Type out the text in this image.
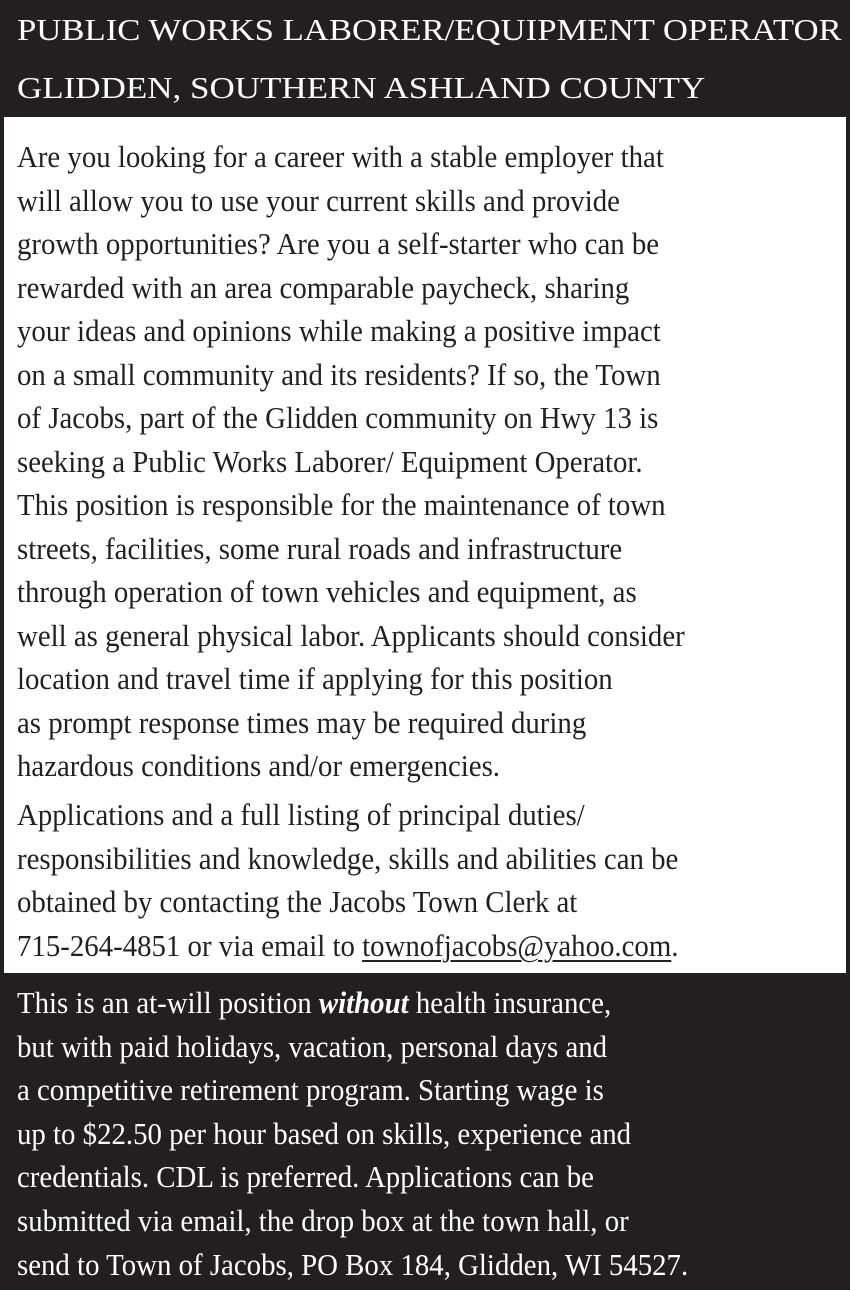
PUBLIC WORKS LABORER/EQUIPMENT OPERATOR
GLIDDEN, SOUTHERN ASHLAND COUNTY
Are you looking for a career with a stable employer that
will allow you to use your current skills and provide
growth opportunities? Are you a self-starter who can be
rewarded with an area comparable paycheck, sharing
your ideas and opinions while making a positive impact
on a small community and its residents? If so, the Town
of Jacobs, part of the Glidden community on Hwy 13 is
seeking a Public Works Laborer/ Equipment Operator.
This position is responsible for the maintenance of town
streets, facilities, some rural roads and infrastructure
through operation of town vehicles and equipment, as
well as general physical labor. Applicants should consider
location and travel time if applying for this position
as prompt response times may be required during
hazardous conditions and/or emergencies.
Applications and a full listing of principal duties/
responsibilities and knowledge, skills and abilities can be
obtained by contacting the Jacobs Town Clerk at
715-264-4851 or via email to townofjacobs@yahoo.com.
This is an at-will position without health insurance,
but with paid holidays, vacation, personal days and
a competitive retirement program. Starting wage is
up to $22.50 per hour based on skills, experience and
credentials. CDL is preferred. Applications can be
submitted via email, the drop box at the town hall, or
send to Town of Jacobs, PO Box 184, Glidden, WI 54527.
